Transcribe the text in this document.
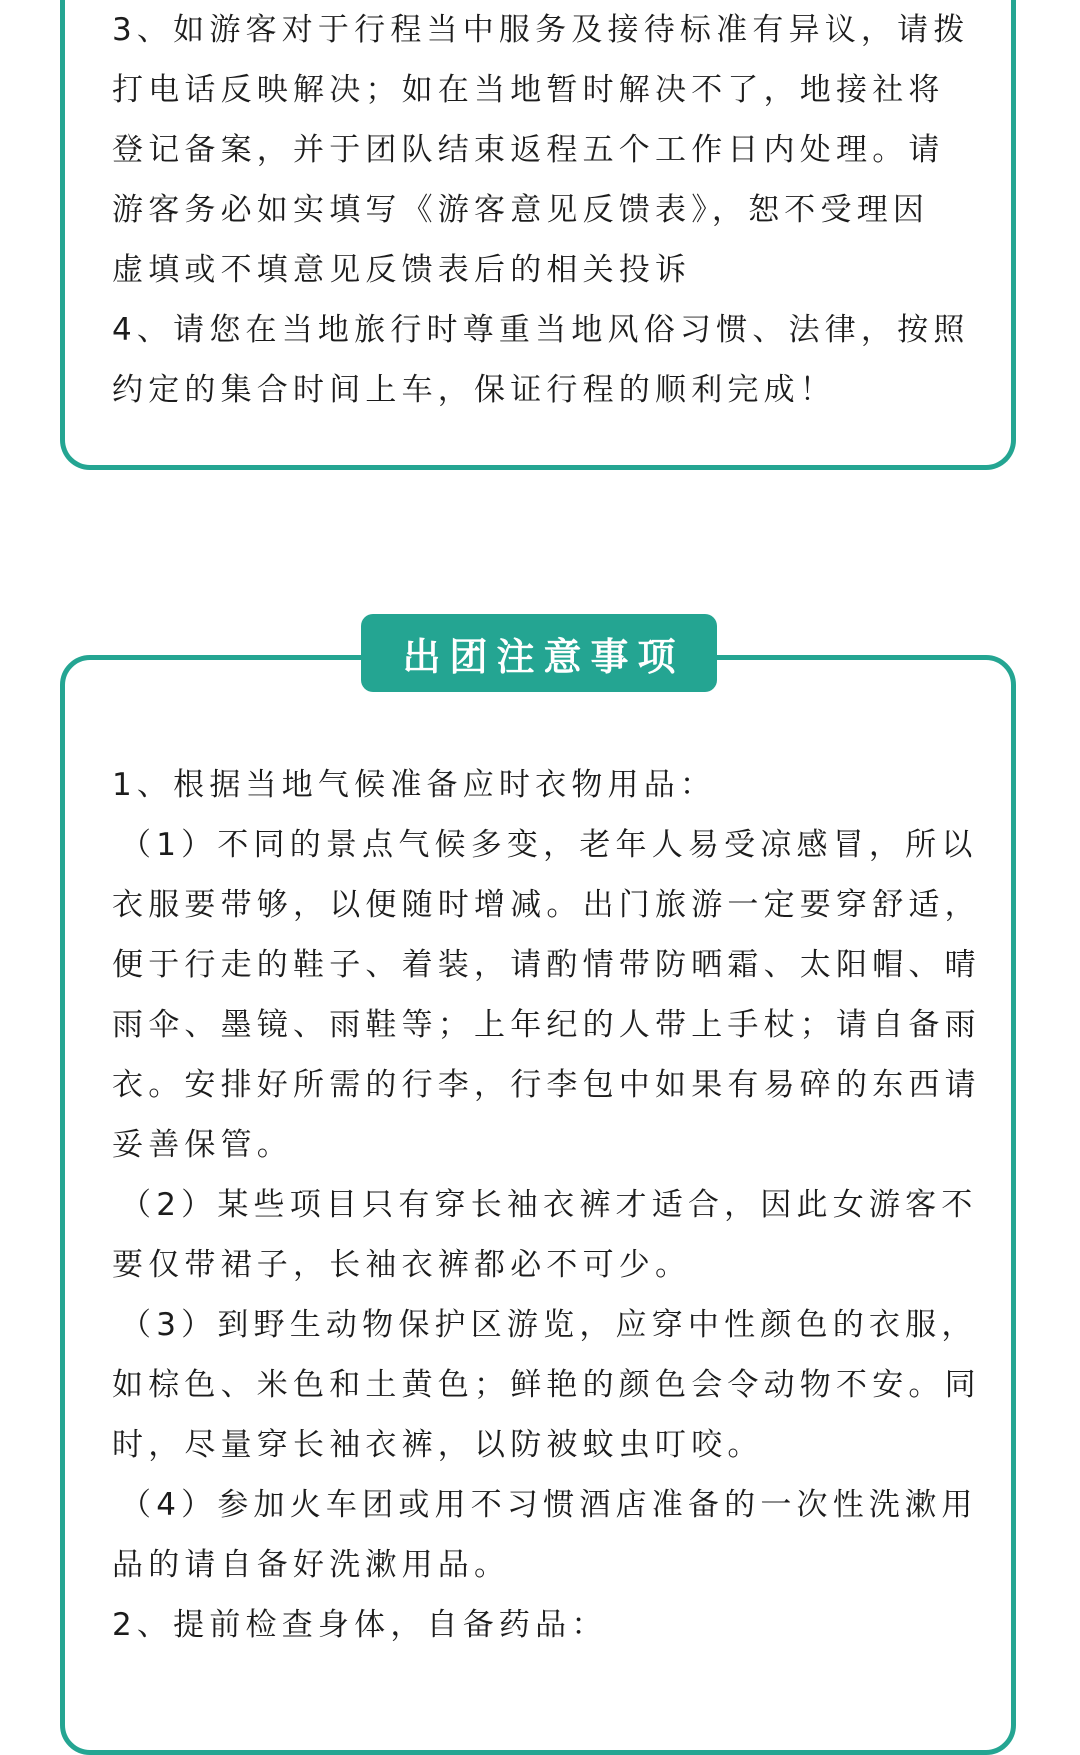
3、如游客对于行程当中服务及接待标准有异议，请拨
打电话反映解决；如在当地暂时解决不了，地接社将
登记备案，并于团队结束返程五个工作日内处理。请
游客务必如实填写《游客意见反馈表》，恕不受理因
虚填或不填意见反馈表后的相关投诉
4、请您在当地旅行时尊重当地风俗习惯、法律，按照
约定的集合时间上车，保证行程的顺利完成！
出团注意事项
1、根据当地气候准备应时衣物用品：
（1）不同的景点气候多变，老年人易受凉感冒，所以
衣服要带够，以便随时增减。出门旅游一定要穿舒适，
便于行走的鞋子、着装，请酌情带防晒霜、太阳帽、晴
雨伞、墨镜、雨鞋等；上年纪的人带上手杖；请自备雨
衣。安排好所需的行李，行李包中如果有易碎的东西请
妥善保管。
（2）某些项目只有穿长袖衣裤才适合，因此女游客不
要仅带裙子，长袖衣裤都必不可少。
（3）到野生动物保护区游览，应穿中性颜色的衣服，
如棕色、米色和土黄色；鲜艳的颜色会令动物不安。同
时，尽量穿长袖衣裤，以防被蚊虫叮咬。
（4）参加火车团或用不习惯酒店准备的一次性洗漱用
品的请自备好洗漱用品。
2、提前检查身体，自备药品：
